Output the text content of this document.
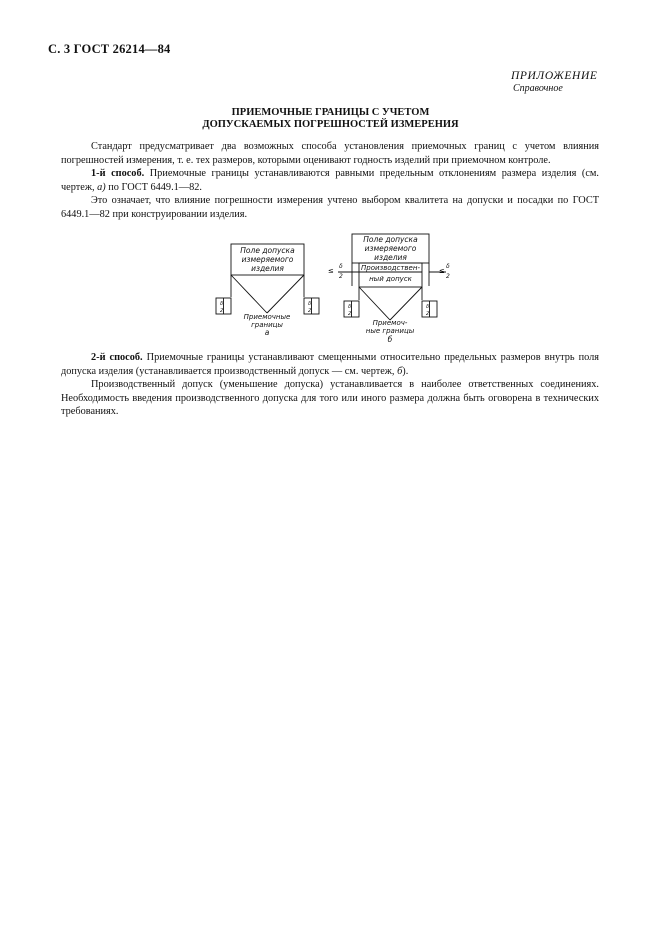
С. 3 ГОСТ 26214—84
ПРИЛОЖЕНИЕ
Справочное
ПРИЕМОЧНЫЕ ГРАНИЦЫ С УЧЕТОМ
ДОПУСКАЕМЫХ ПОГРЕШНОСТЕЙ ИЗМЕРЕНИЯ

Стандарт предусматривает два возможных способа установления приемочных границ с учетом влияния погрешностей измерения, т. е. тех размеров, которыми оценивают годность изделий при приемочном контроле.

1-й способ. Приемочные границы устанавливаются равными предельным отклонениям размера изделия (см. чертеж, а) по ГОСТ 6449.1—82.

Это означает, что влияние погрешности измерения учтено выбором квалитета на допуски и посадки по ГОСТ 6449.1—82 при конструировании изделия.

Поле допуска
измеряемого
изделия
Приемочные
границы
а
δ
2
δ
2
Поле допуска
измеряемого
изделия
Производствен-
ный допуск
≤
δ
2
≤
δ
2
Приемоч-
ные границы
б
δ
2
δ
2

2-й способ. Приемочные границы устанавливают смещенными относительно предельных размеров внутрь поля допуска изделия (устанавливается производственный допуск — см. чертеж, б).

Производственный допуск (уменьшение допуска) устанавливается в наиболее ответственных соединениях. Необходимость введения производственного допуска для того или иного размера должна быть оговорена в технических требованиях.
